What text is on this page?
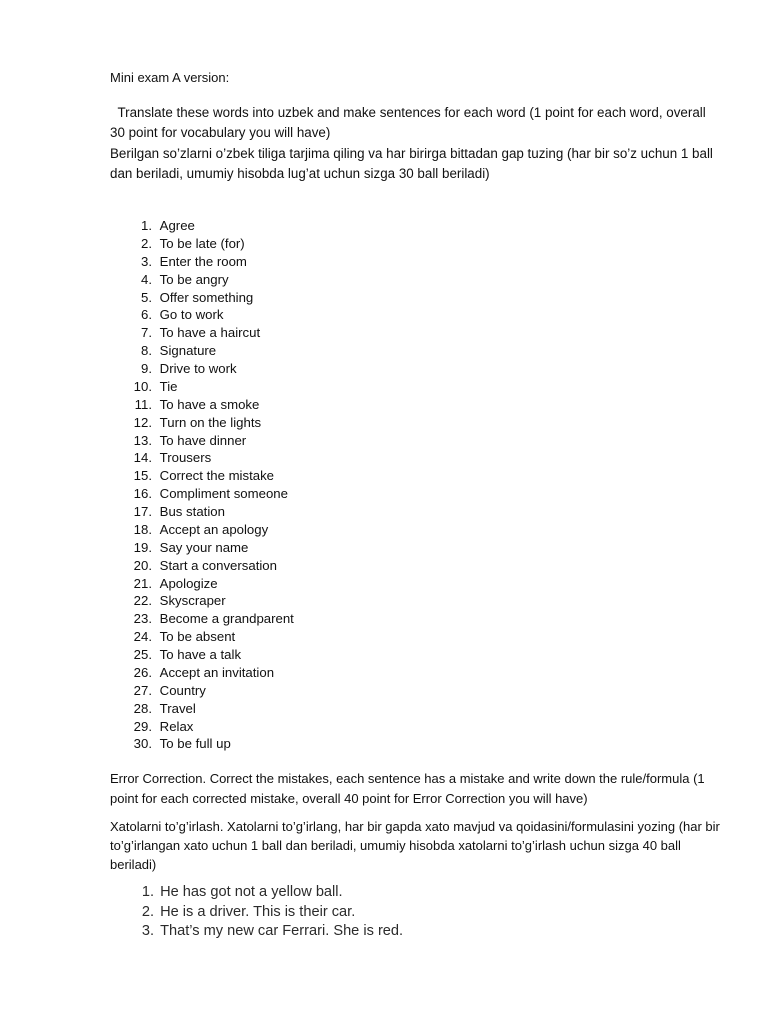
Mini exam A version:

Translate these words into uzbek and make sentences for each word (1 point for each word, overall 30 point for vocabulary you will have)

Berilgan so’zlarni o’zbek tiliga tarjima qiling va har birirga bittadan gap tuzing (har bir so’z uchun 1 ball dan beriladi, umumiy hisobda lug’at uchun sizga 30 ball beriladi)

1.
Agree
2.
To be late (for)
3.
Enter the room
4.
To be angry
5.
Offer something
6.
Go to work
7.
To have a haircut
8.
Signature
9.
Drive to work
10.
Tie
11.
To have a smoke
12.
Turn on the lights
13.
To have dinner
14.
Trousers
15.
Correct the mistake
16.
Compliment someone
17.
Bus station
18.
Accept an apology
19.
Say your name
20.
Start a conversation
21.
Apologize
22.
Skyscraper
23.
Become a grandparent
24.
To be absent
25.
To have a talk
26.
Accept an invitation
27.
Country
28.
Travel
29.
Relax
30.
To be full up

Error Correction. Correct the mistakes, each sentence has a mistake and write down the rule/formula (1 point for each corrected mistake, overall 40 point for Error Correction you will have)

Xatolarni to’g’irlash. Xatolarni to’g’irlang, har bir gapda xato mavjud va qoidasini/formulasini yozing (har bir to’g’irlangan xato uchun 1 ball dan beriladi, umumiy hisobda xatolarni to’g’irlash uchun sizga 40 ball beriladi)

1.
He has got not a yellow ball.
2.
He is a driver. This is their car.
3.
That’s my new car Ferrari. She is red.
